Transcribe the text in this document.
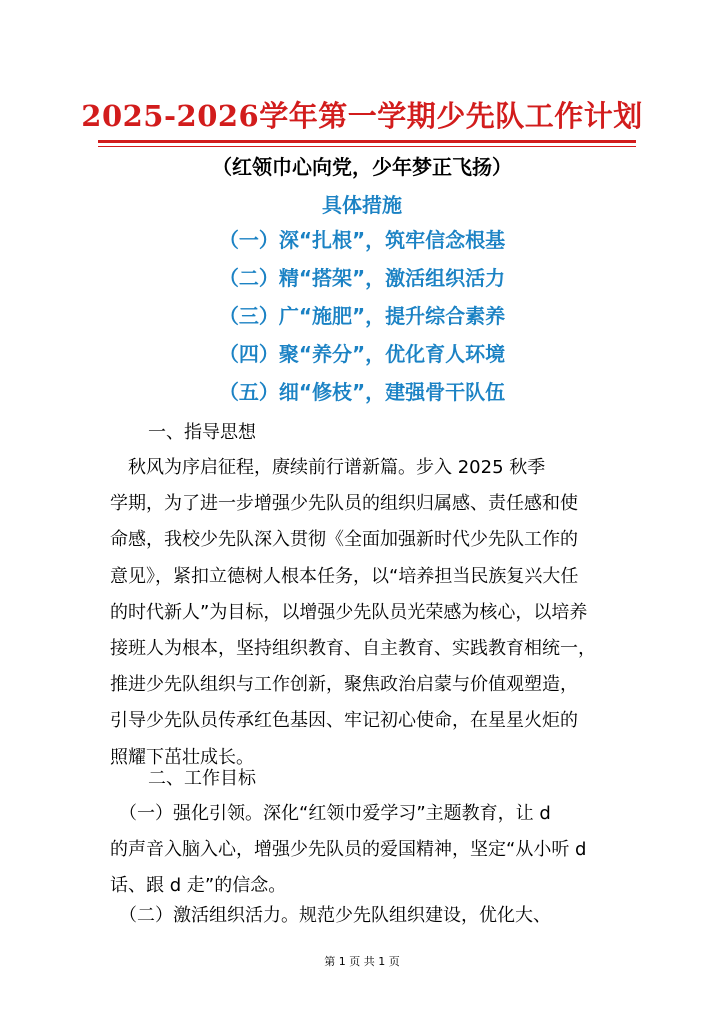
2025-2026学年第一学期少先队工作计划
（红领巾心向党，少年梦正飞扬）
具体措施
（一）深“扎根”，筑牢信念根基
（二）精“搭架”，激活组织活力
（三）广“施肥”，提升综合素养
（四）聚“养分”，优化育人环境
（五）细“修枝”，建强骨干队伍
一、指导思想
　秋风为序启征程，赓续前行谱新篇。步入 2025 秋季
学期，为了进一步增强少先队员的组织归属感、责任感和使
命感，我校少先队深入贯彻《全面加强新时代少先队工作的
意见》，紧扣立德树人根本任务，以“培养担当民族复兴大任
的时代新人”为目标，以增强少先队员光荣感为核心，以培养
接班人为根本，坚持组织教育、自主教育、实践教育相统一，
推进少先队组织与工作创新，聚焦政治启蒙与价值观塑造，
引导少先队员传承红色基因、牢记初心使命，在星星火炬的
照耀下茁壮成长。
二、工作目标
　（一）强化引领。深化“红领巾爱学习”主题教育，让 d
的声音入脑入心，增强少先队员的爱国精神，坚定“从小听 d
话、跟 d 走”的信念。
　（二）激活组织活力。规范少先队组织建设，优化大、
第 1 页 共 1 页
